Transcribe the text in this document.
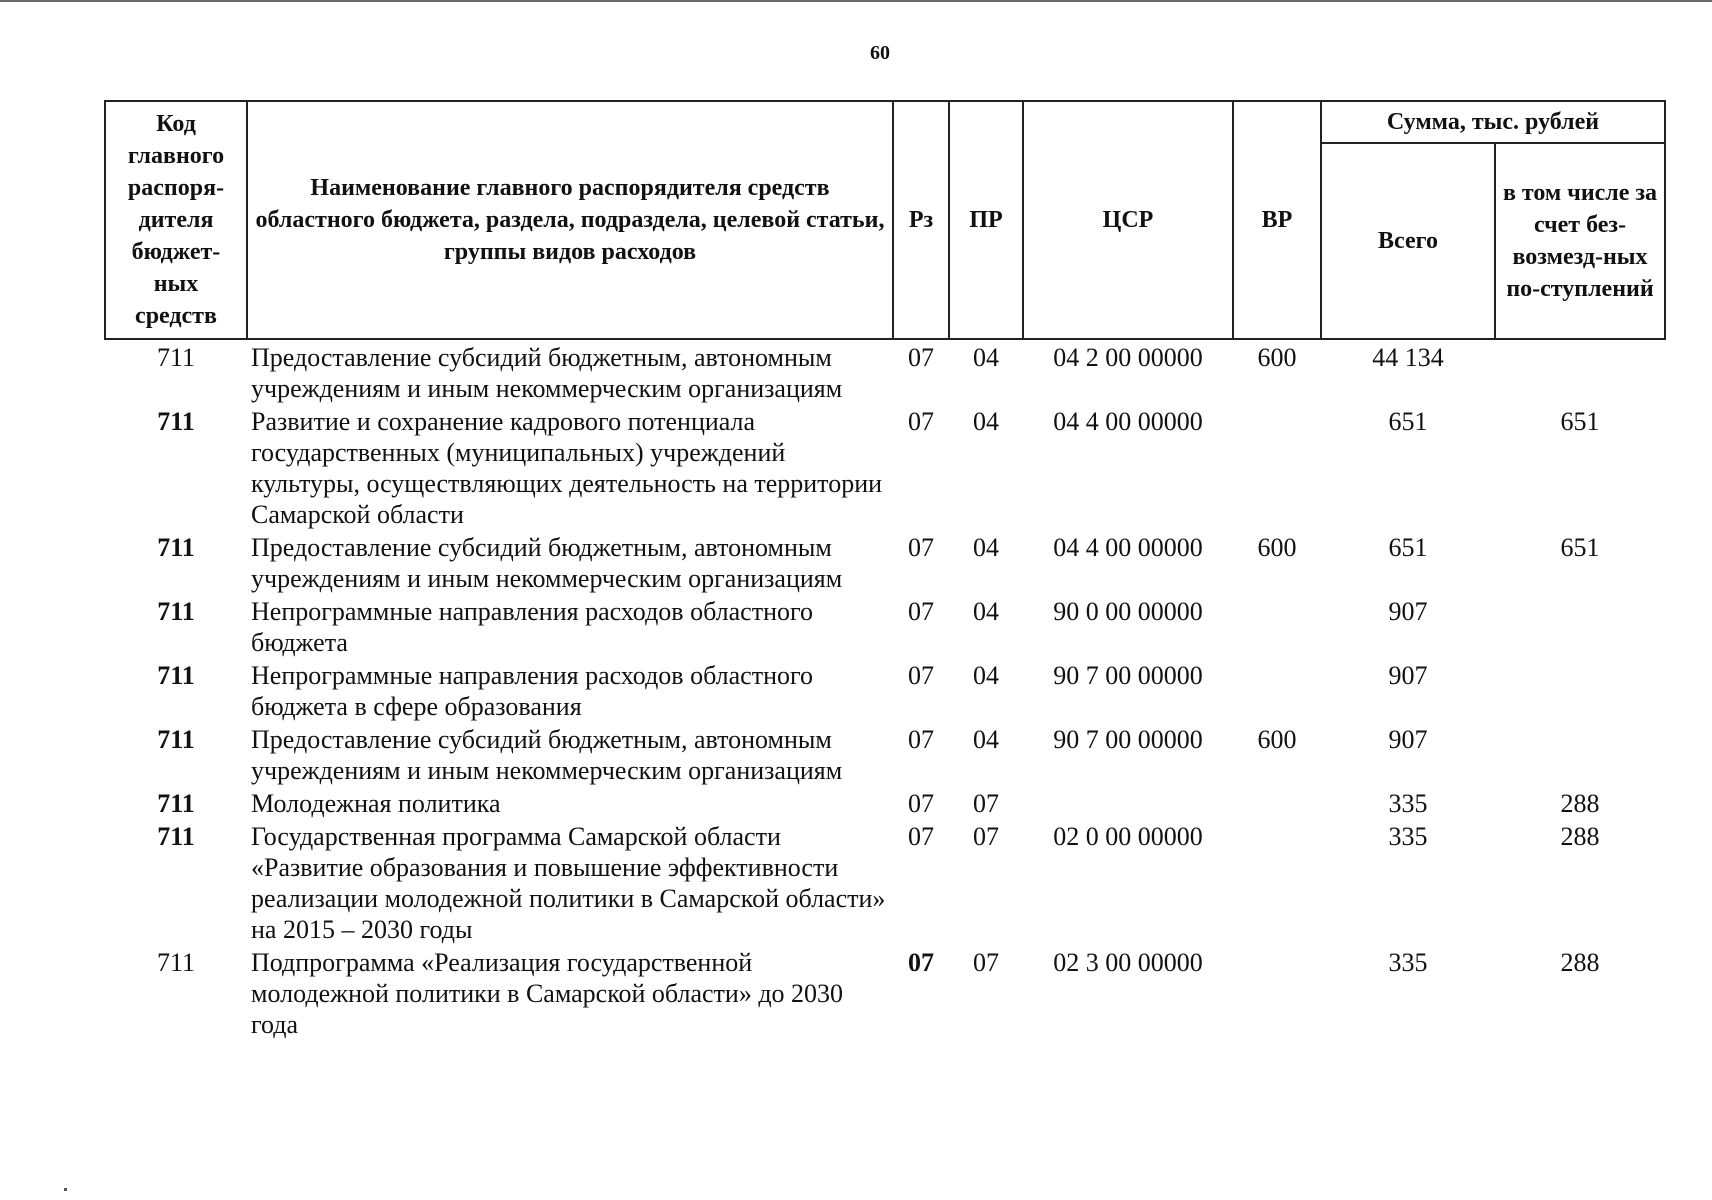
60
Код главного распоря-дителя бюджет-ных средств	Наименование главного распорядителя средств областного бюджета, раздела, подраздела, целевой статьи, группы видов расходов	Рз	ПР	ЦСР	ВР	Сумма, тыс. рублей	
						Всего	в том числе за счет без-возмезд-ных по-ступлений
711	Предоставление субсидий бюджетным, автономным учреждениям и иным некоммерческим организациям	07	04	04 2 00 00000	600	44 134	
711	Развитие и сохранение кадрового потенциала государственных (муниципальных) учреждений культуры, осуществляющих деятельность на территории Самарской области	07	04	04 4 00 00000		651	651
711	Предоставление субсидий бюджетным, автономным учреждениям и иным некоммерческим организациям	07	04	04 4 00 00000	600	651	651
711	Непрограммные направления расходов областного бюджета	07	04	90 0 00 00000		907	
711	Непрограммные направления расходов областного бюджета в сфере образования	07	04	90 7 00 00000		907	
711	Предоставление субсидий бюджетным, автономным учреждениям и иным некоммерческим организациям	07	04	90 7 00 00000	600	907	
711	Молодежная политика	07	07			335	288
711	Государственная программа Самарской области «Развитие образования и повышение эффективности реализации молодежной политики в Самарской области» на 2015 – 2030 годы	07	07	02 0 00 00000		335	288
711	Подпрограмма «Реализация государственной молодежной политики в Самарской области» до 2030 года	07	07	02 3 00 00000		335	288
